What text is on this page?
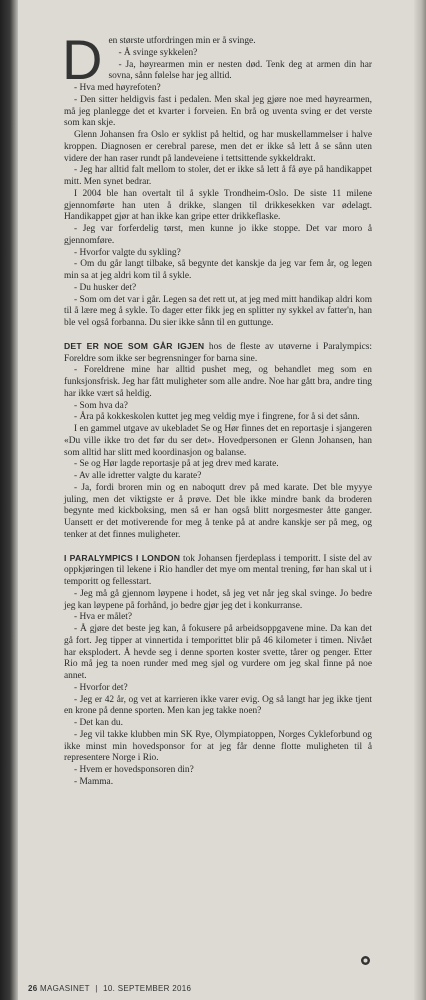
D en største utfordringen min er å svinge.

- Å svinge sykkelen?

- Ja, høyrearmen min er nesten død. Tenk deg at armen din har sovna, sånn følelse har jeg alltid.

- Hva med høyrefoten?

- Den sitter heldigvis fast i pedalen. Men skal jeg gjøre noe med høyrearmen, må jeg planlegge det et kvarter i forveien. En brå og uventa sving er det verste som kan skje.

Glenn Johansen fra Oslo er syklist på heltid, og har muskellammelser i halve kroppen. Diagnosen er cerebral parese, men det er ikke så lett å se sånn uten videre der han raser rundt på landeveiene i tettsittende sykkeldrakt.

- Jeg har alltid falt mellom to stoler, det er ikke så lett å få øye på handikappet mitt. Men synet bedrar.

I 2004 ble han overtalt til å sykle Trondheim-Oslo. De siste 11 milene gjennomførte han uten å drikke, slangen til drikkesekken var ødelagt. Handikappet gjør at han ikke kan gripe etter drikkeflaske.

- Jeg var forferdelig tørst, men kunne jo ikke stoppe. Det var moro å gjennomføre.

- Hvorfor valgte du sykling?

- Om du går langt tilbake, så begynte det kanskje da jeg var fem år, og legen min sa at jeg aldri kom til å sykle.

- Du husker det?

- Som om det var i går. Legen sa det rett ut, at jeg med mitt handikap aldri kom til å lære meg å sykle. To dager etter fikk jeg en splitter ny sykkel av fatter'n, han ble vel også forbanna. Du sier ikke sånn til en guttunge.

DET ER NOE SOM GÅR IGJEN hos de fleste av utøverne i Paralympics: Foreldre som ikke ser begrensninger for barna sine.

- Foreldrene mine har alltid pushet meg, og behandlet meg som en funksjonsfrisk. Jeg har fått muligheter som alle andre. Noe har gått bra, andre ting har ikke vært så heldig.

- Som hva da?

- Åra på kokkeskolen kuttet jeg meg veldig mye i fingrene, for å si det sånn.

I en gammel utgave av ukebladet Se og Hør finnes det en reportasje i sjangeren «Du ville ikke tro det før du ser det». Hovedpersonen er Glenn Johansen, han som alltid har slitt med koordinasjon og balanse.

- Se og Hør lagde reportasje på at jeg drev med karate.

- Av alle idretter valgte du karate?

- Ja, fordi broren min og en naboqutt drev på med karate. Det ble myyye juling, men det viktigste er å prøve. Det ble ikke mindre bank da broderen begynte med kickboksing, men så er han også blitt norgesmester åtte ganger. Uansett er det motiverende for meg å tenke på at andre kanskje ser på meg, og tenker at det finnes muligheter.

I PARALYMPICS I LONDON tok Johansen fjerdeplass i temporitt. I siste del av oppkjøringen til lekene i Rio handler det mye om mental trening, før han skal ut i temporitt og fellesstart.

- Jeg må gå gjennom løypene i hodet, så jeg vet når jeg skal svinge. Jo bedre jeg kan løypene på forhånd, jo bedre gjør jeg det i konkurranse.

- Hva er målet?

- Å gjøre det beste jeg kan, å fokusere på arbeidsoppgavene mine. Da kan det gå fort. Jeg tipper at vinnertida i temporittet blir på 46 kilometer i timen. Nivået har eksplodert. Å hevde seg i denne sporten koster svette, tårer og penger. Etter Rio må jeg ta noen runder med meg sjøl og vurdere om jeg skal finne på noe annet.

- Hvorfor det?

- Jeg er 42 år, og vet at karrieren ikke varer evig. Og så langt har jeg ikke tjent en krone på denne sporten. Men kan jeg takke noen?

- Det kan du.

- Jeg vil takke klubben min SK Rye, Olympiatoppen, Norges Cykleforbund og ikke minst min hovedsponsor for at jeg får denne flotte muligheten til å representere Norge i Rio.

- Hvem er hovedsponsoren din?

- Mamma.

26 MAGASINET | 10. SEPTEMBER 2016
